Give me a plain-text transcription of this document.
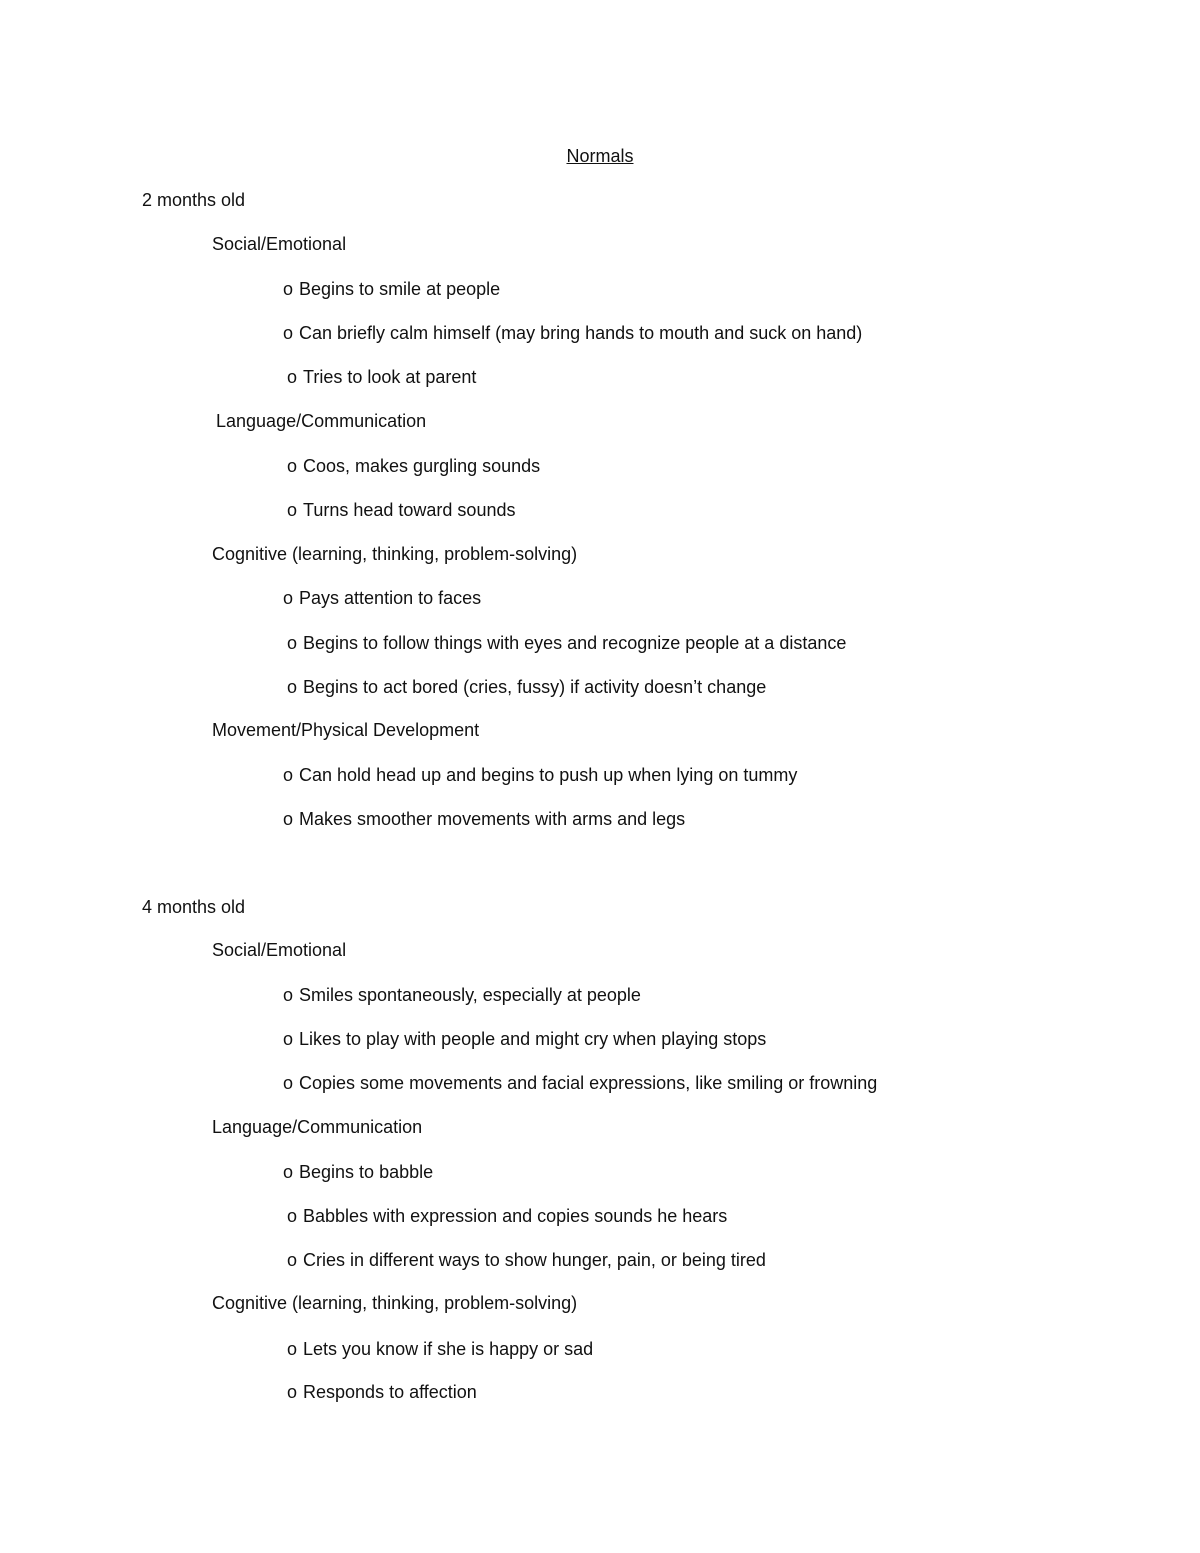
Normals
2 months old
Social/Emotional
o Begins to smile at people
o Can briefly calm himself (may bring hands to mouth and suck on hand)
o Tries to look at parent
Language/Communication
o Coos, makes gurgling sounds
o Turns head toward sounds
Cognitive (learning, thinking, problem-solving)
o Pays attention to faces
o Begins to follow things with eyes and recognize people at a distance
o Begins to act bored (cries, fussy) if activity doesn’t change
Movement/Physical Development
o Can hold head up and begins to push up when lying on tummy
o Makes smoother movements with arms and legs
4 months old
Social/Emotional
o Smiles spontaneously, especially at people
o Likes to play with people and might cry when playing stops
o Copies some movements and facial expressions, like smiling or frowning
Language/Communication
o Begins to babble
o Babbles with expression and copies sounds he hears
o Cries in different ways to show hunger, pain, or being tired
Cognitive (learning, thinking, problem-solving)
o Lets you know if she is happy or sad
o Responds to affection
